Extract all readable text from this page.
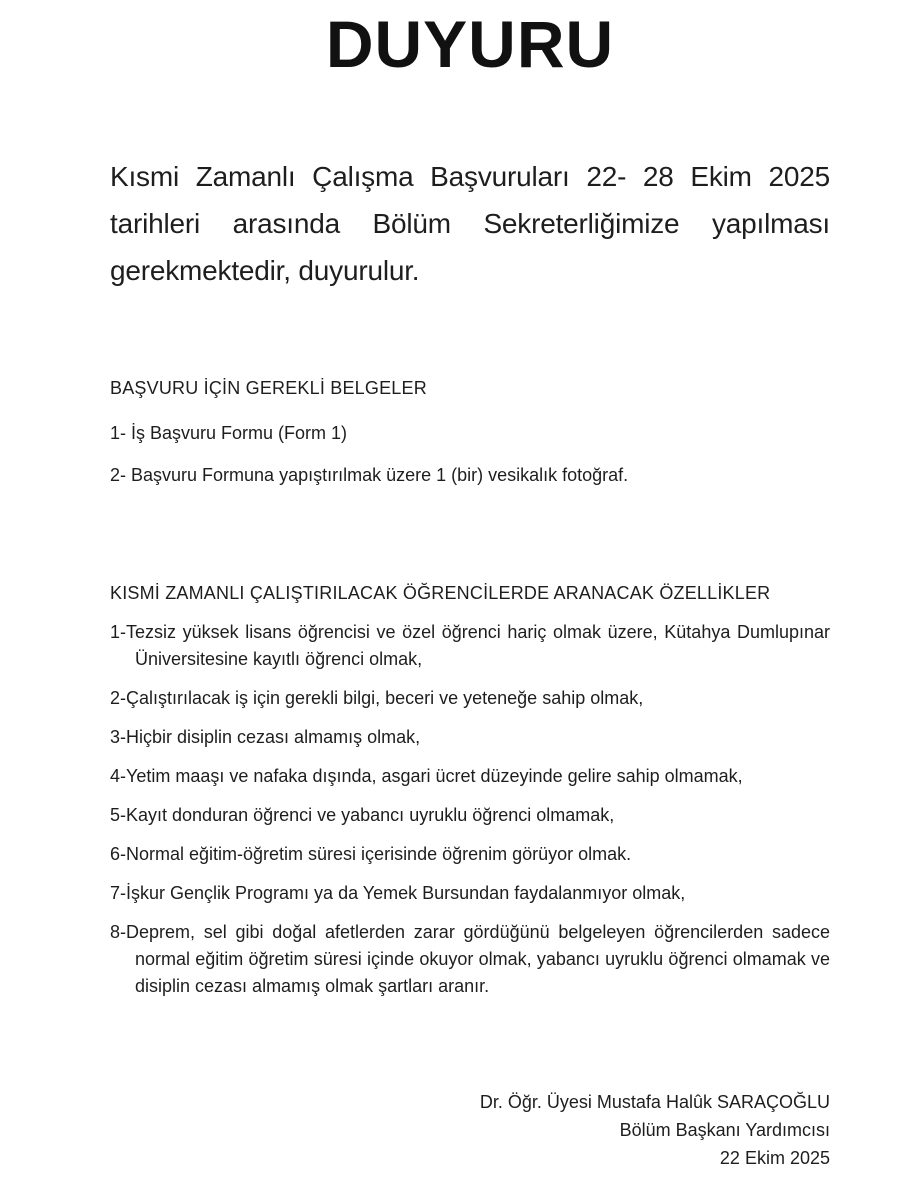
DUYURU

Kısmi Zamanlı Çalışma Başvuruları 22- 28 Ekim 2025 tarihleri arasında Bölüm Sekreterliğimize yapılması gerekmektedir, duyurulur.

BAŞVURU İÇİN GEREKLİ BELGELER
1- İş Başvuru Formu (Form 1)
2- Başvuru Formuna yapıştırılmak üzere 1 (bir) vesikalık fotoğraf.
KISMİ ZAMANLI ÇALIŞTIRILACAK ÖĞRENCİLERDE ARANACAK ÖZELLİKLER
1-Tezsiz yüksek lisans öğrencisi ve özel öğrenci hariç olmak üzere, Kütahya Dumlupınar Üniversitesine kayıtlı öğrenci olmak,
2-Çalıştırılacak iş için gerekli bilgi, beceri ve yeteneğe sahip olmak,
3-Hiçbir disiplin cezası almamış olmak,
4-Yetim maaşı ve nafaka dışında, asgari ücret düzeyinde gelire sahip olmamak,
5-Kayıt donduran öğrenci ve yabancı uyruklu öğrenci olmamak,
6-Normal eğitim-öğretim süresi içerisinde öğrenim görüyor olmak.
7-İşkur Gençlik Programı ya da Yemek Bursundan faydalanmıyor olmak,
8-Deprem, sel gibi doğal afetlerden zarar gördüğünü belgeleyen öğrencilerden sadece normal eğitim öğretim süresi içinde okuyor olmak, yabancı uyruklu öğrenci olmamak ve disiplin cezası almamış olmak şartları aranır.
Dr. Öğr. Üyesi Mustafa Halûk SARAÇOĞLU
Bölüm Başkanı Yardımcısı
22 Ekim 2025
